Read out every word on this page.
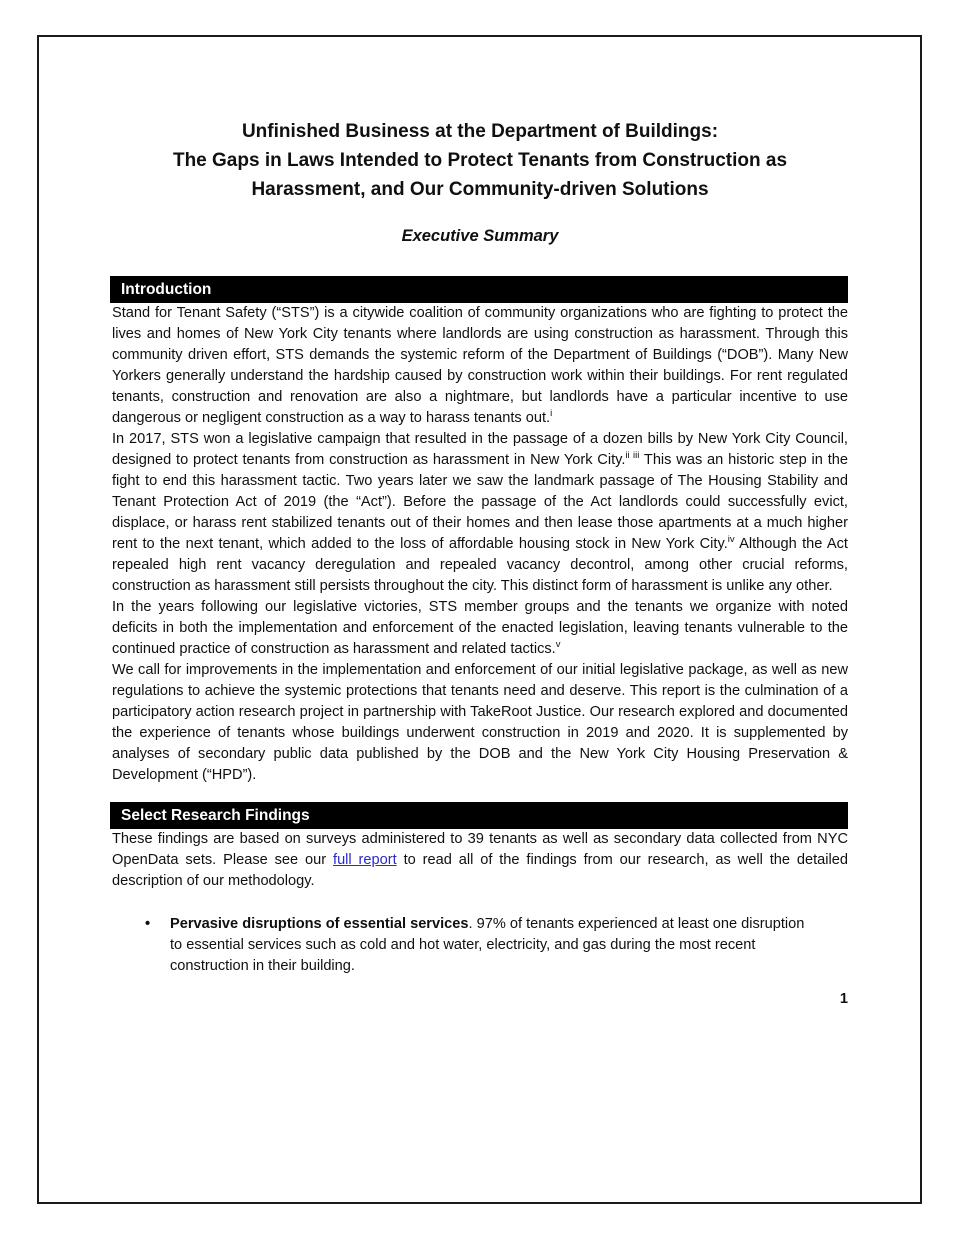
Unfinished Business at the Department of Buildings:
The Gaps in Laws Intended to Protect Tenants from Construction as
Harassment, and Our Community-driven Solutions
Executive Summary
Introduction

Stand for Tenant Safety (“STS”) is a citywide coalition of community organizations who are fighting to protect the lives and homes of New York City tenants where landlords are using construction as harassment. Through this community driven effort, STS demands the systemic reform of the Department of Buildings (“DOB”). Many New Yorkers generally understand the hardship caused by construction work within their buildings. For rent regulated tenants, construction and renovation are also a nightmare, but landlords have a particular incentive to use dangerous or negligent construction as a way to harass tenants out.$^i$

In 2017, STS won a legislative campaign that resulted in the passage of a dozen bills by New York City Council, designed to protect tenants from construction as harassment in New York City.$^{ii iii}$ This was an historic step in the fight to end this harassment tactic. Two years later we saw the landmark passage of The Housing Stability and Tenant Protection Act of 2019 (the “Act”). Before the passage of the Act landlords could successfully evict, displace, or harass rent stabilized tenants out of their homes and then lease those apartments at a much higher rent to the next tenant, which added to the loss of affordable housing stock in New York City.$^{iv}$ Although the Act repealed high rent vacancy deregulation and repealed vacancy decontrol, among other crucial reforms, construction as harassment still persists throughout the city. This distinct form of harassment is unlike any other.

In the years following our legislative victories, STS member groups and the tenants we organize with noted deficits in both the implementation and enforcement of the enacted legislation, leaving tenants vulnerable to the continued practice of construction as harassment and related tactics.$^v$

We call for improvements in the implementation and enforcement of our initial legislative package, as well as new regulations to achieve the systemic protections that tenants need and deserve. This report is the culmination of a participatory action research project in partnership with TakeRoot Justice. Our research explored and documented the experience of tenants whose buildings underwent construction in 2019 and 2020. It is supplemented by analyses of secondary public data published by the DOB and the New York City Housing Preservation & Development (“HPD”).

Select Research Findings

These findings are based on surveys administered to 39 tenants as well as secondary data collected from NYC OpenData sets. Please see our full report to read all of the findings from our research, as well the detailed description of our methodology.

•	Pervasive disruptions of essential services. 97% of tenants experienced at least one disruption to essential services such as cold and hot water, electricity, and gas during the most recent construction in their building.
1
